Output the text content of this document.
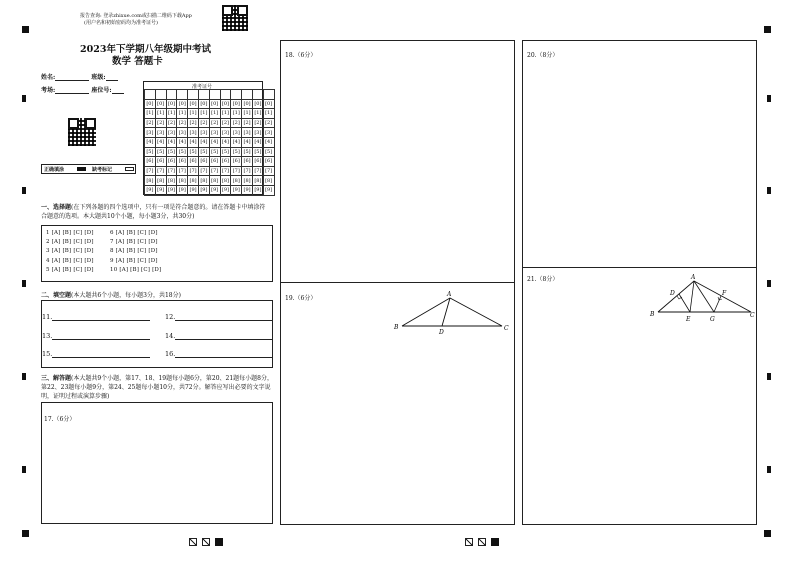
报告查询: 登录zhixue.com或扫描二维码下载App
(用户名和初始密码均为准考证号)
2023年下学期八年级期中考试
数学 答题卡
姓名:	班级:
考场:	座位号:	准考证号

[0]	[0]	[0]	[0]	[0]	[0]	[0]	[0]	[0]	[0]	[0]	[0]
[1]	[1]	[1]	[1]	[1]	[1]	[1]	[1]	[1]	[1]	[1]	[1]
[2]	[2]	[2]	[2]	[2]	[2]	[2]	[2]	[2]	[2]	[2]	[2]
[3]	[3]	[3]	[3]	[3]	[3]	[3]	[3]	[3]	[3]	[3]	[3]
[4]	[4]	[4]	[4]	[4]	[4]	[4]	[4]	[4]	[4]	[4]	[4]
[5]	[5]	[5]	[5]	[5]	[5]	[5]	[5]	[5]	[5]	[5]	[5]
[6]	[6]	[6]	[6]	[6]	[6]	[6]	[6]	[6]	[6]	[6]	[6]
[7]	[7]	[7]	[7]	[7]	[7]	[7]	[7]	[7]	[7]	[7]	[7]
[8]	[8]	[8]	[8]	[8]	[8]	[8]	[8]	[8]	[8]	[8]	[8]
[9]	[9]	[9]	[9]	[9]	[9]	[9]	[9]	[9]	[9]	[9]	[9]
正确填涂	缺考标记
一、选择题(在下列各题的四个选项中，只有一项是符合题意的。请在答题卡中填涂符合题意的选项。本大题共10个小题，每小题3分，共30分)
1 [A] [B] [C] [D]
2 [A] [B] [C] [D]
3 [A] [B] [C] [D]
4 [A] [B] [C] [D]
5 [A] [B] [C] [D]
6 [A] [B] [C] [D]
7 [A] [B] [C] [D]
8 [A] [B] [C] [D]
9 [A] [B] [C] [D]
10 [A] [B] [C] [D]
二、填空题(本大题共6个小题，每小题3分，共18分)
11.	12.
13.	14.
15.	16.
三、解答题(本大题共9个小题，第17、18、19题每小题6分，第20、21题每小题8分，第22、23题每小题9分，第24、25题每小题10分，共72分。解答应写出必要的文字说明，证明过程或演算步骤)
17.（6分）
18.（6分）
19.（6分）
A
B	C
D
20.（8分）
21.（8分）	A
B	C
D
E
F
G
